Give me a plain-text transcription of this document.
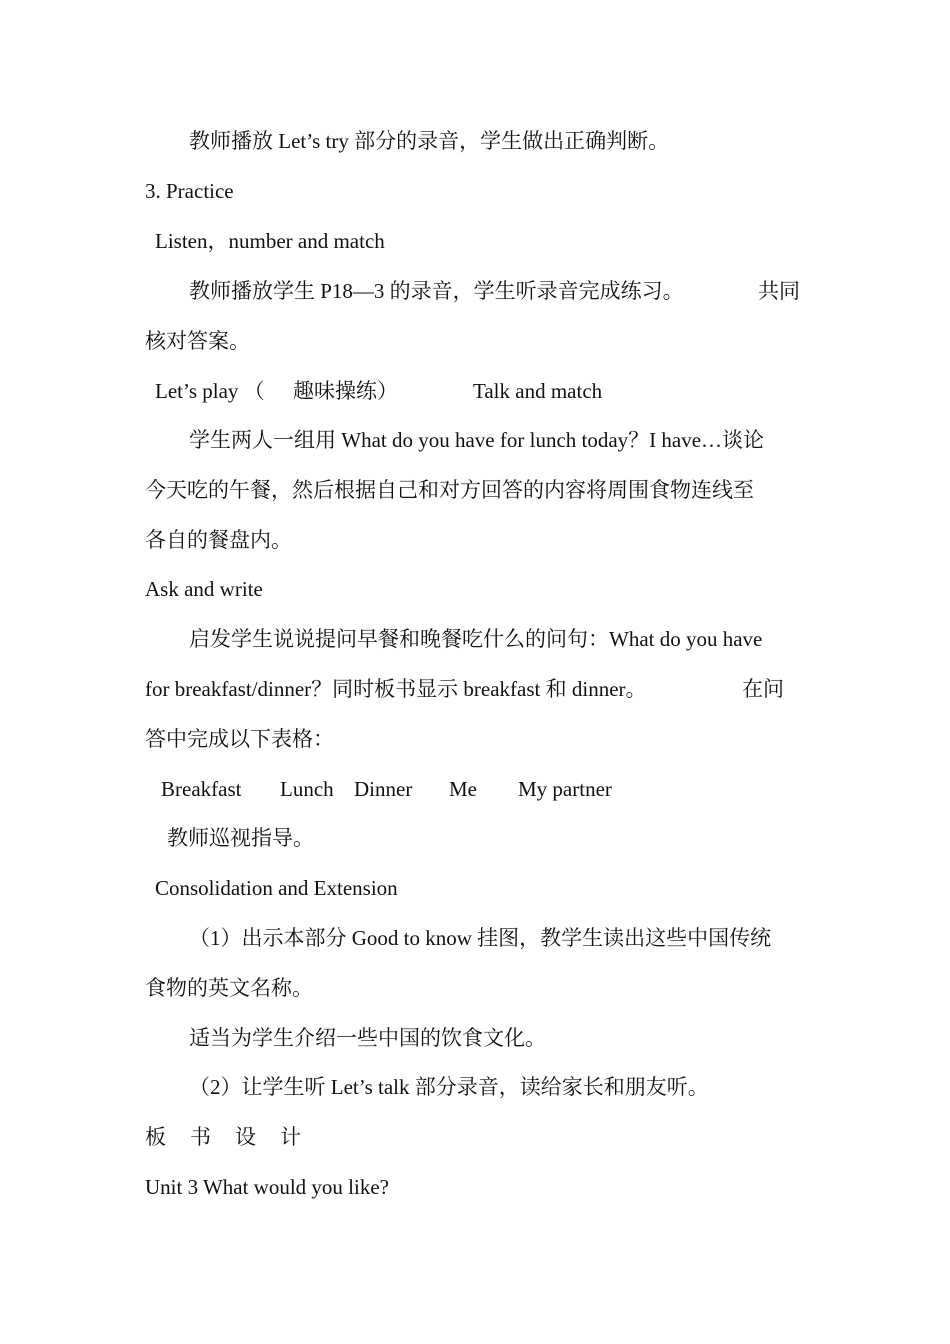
教师播放 Let’s try 部分的录音，学生做出正确判断。
3. Practice
Listen，number and match
教师播放学生 P18—3 的录音，学生听录音完成练习。	共同
核对答案。
Let’s play （ 趣味操练）	Talk and match
学生两人一组用 What do you have for lunch today？I have…谈论
今天吃的午餐，然后根据自己和对方回答的内容将周围食物连线至
各自的餐盘内。
Ask and write
启发学生说说提问早餐和晚餐吃什么的问句：What do you have
for breakfast/dinner？同时板书显示 breakfast 和 dinner。	在问
答中完成以下表格：
Breakfast Lunch Dinner Me My partner
教师巡视指导。
Consolidation and Extension
（1）出示本部分 Good to know 挂图，教学生读出这些中国传统
食物的英文名称。
适当为学生介绍一些中国的饮食文化。
（2）让学生听 Let’s talk 部分录音，读给家长和朋友听。
板 书 设 计
Unit 3 What would you like?
